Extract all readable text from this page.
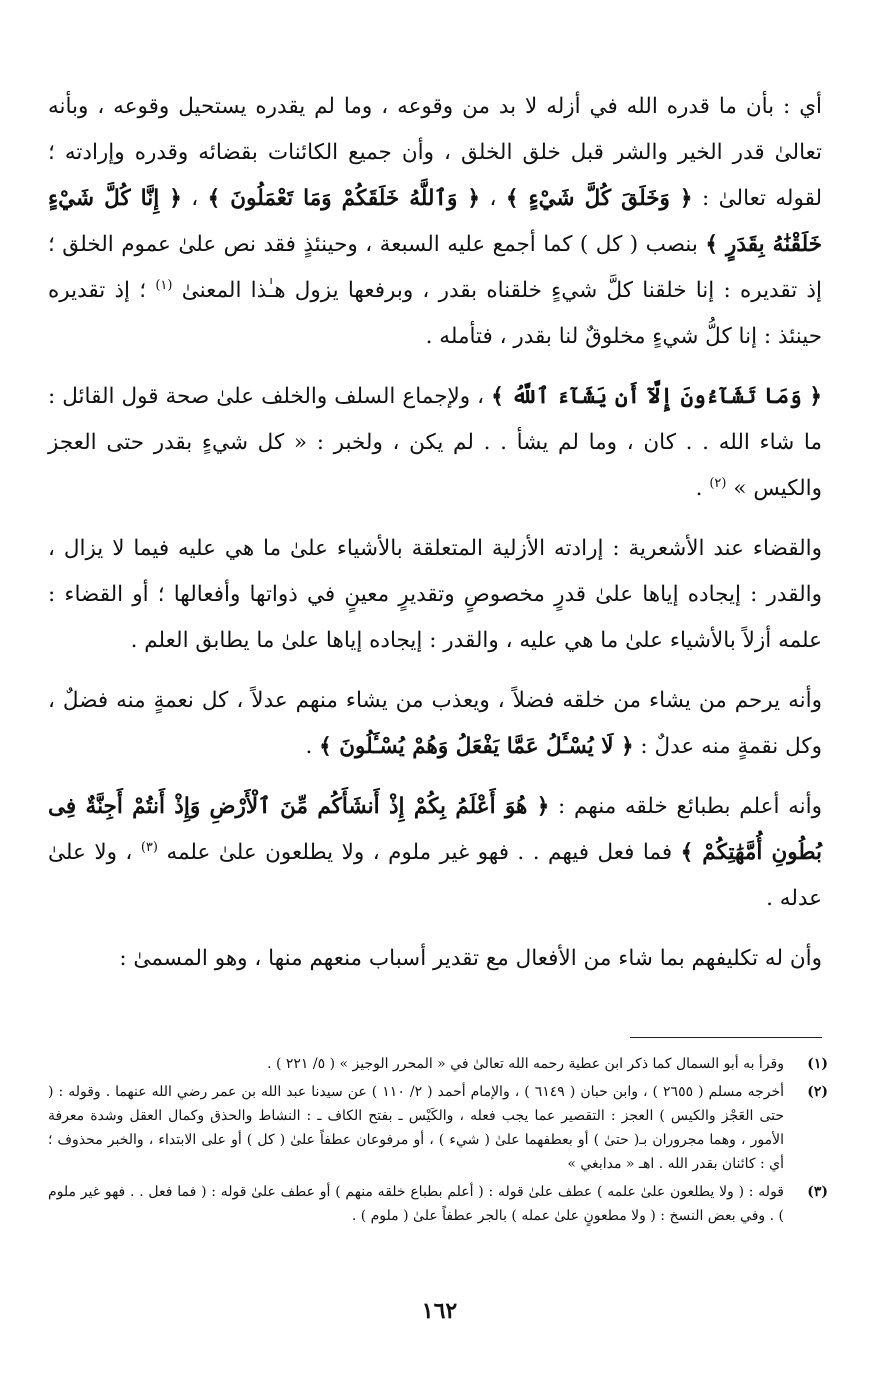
أي : بأن ما قدره الله في أزله لا بد من وقوعه ، وما لم يقدره يستحيل وقوعه ، وبأنه تعالىٰ قدر الخير والشر قبل خلق الخلق ، وأن جميع الكائنات بقضائه وقدره وإرادته ؛ لقوله تعالىٰ : ﴿ وَخَلَقَ كُلَّ شَيْءٍ ﴾ ، ﴿ وَٱللَّهُ خَلَقَكُمْ وَمَا تَعْمَلُونَ ﴾ ، ﴿ إِنَّا كُلَّ شَيْءٍ خَلَقْنَٰهُ بِقَدَرٍ ﴾ بنصب ( كل ) كما أجمع عليه السبعة ، وحينئذٍ فقد نص علىٰ عموم الخلق ؛ إذ تقديره : إنا خلقنا كلَّ شيءٍ خلقناه بقدر ، وبرفعها يزول هـٰذا المعنىٰ $^{(١)}$ ؛ إذ تقديره حينئذ : إنا كلُّ شيءٍ مخلوقٌ لنا بقدر ، فتأمله .

﴿ وَمَا تَشَآءُونَ إِلَّآ أَن يَشَآءَ ٱللَّهُ ﴾ ، ولإجماع السلف والخلف علىٰ صحة قول القائل : ما شاء الله . . كان ، وما لم يشأ . . لم يكن ، ولخبر : « كل شيءٍ بقدر حتى العجز والكيس » $^{(٢)}$ .

والقضاء عند الأشعرية : إرادته الأزلية المتعلقة بالأشياء علىٰ ما هي عليه فيما لا يزال ، والقدر : إيجاده إياها علىٰ قدرٍ مخصوصٍ وتقديرٍ معينٍ في ذواتها وأفعالها ؛ أو القضاء : علمه أزلاً بالأشياء علىٰ ما هي عليه ، والقدر : إيجاده إياها علىٰ ما يطابق العلم .

وأنه يرحم من يشاء من خلقه فضلاً ، ويعذب من يشاء منهم عدلاً ، كل نعمةٍ منه فضلٌ ، وكل نقمةٍ منه عدلٌ : ﴿ لَا يُسْـَٔلُ عَمَّا يَفْعَلُ وَهُمْ يُسْـَٔلُونَ ﴾ .

وأنه أعلم بطبائع خلقه منهم : ﴿ هُوَ أَعْلَمُ بِكُمْ إِذْ أَنشَأَكُم مِّنَ ٱلْأَرْضِ وَإِذْ أَنتُمْ أَجِنَّةٌ فِى بُطُونِ أُمَّهَٰتِكُمْ ﴾ فما فعل فيهم . . فهو غير ملوم ، ولا يطلعون علىٰ علمه $^{(٣)}$ ، ولا علىٰ عدله .

وأن له تكليفهم بما شاء من الأفعال مع تقدير أسباب منعهم منها ، وهو المسمىٰ :

(١)
وقرأ به أبو السمال كما ذكر ابن عطية رحمه الله تعالىٰ في « المحرر الوجيز » ( ٥/ ٢٢١ ) .
(٢)
أخرجه مسلم ( ٢٦٥٥ ) ، وابن حبان ( ٦١٤٩ ) ، والإمام أحمد ( ٢/ ١١٠ ) عن سيدنا عبد الله بن عمر رضي الله عنهما . وقوله : ( حتى العَجْز والكيس ) العجز : التقصير عما يجب فعله ، والكَيْس ـ بفتح الكاف ـ : النشاط والحذق وكمال العقل وشدة معرفة الأمور ، وهما مجروران بـ( حتىٰ ) أو بعطفهما علىٰ ( شيء ) ، أو مرفوعان عطفاً علىٰ ( كل ) أو على الابتداء ، والخبر محذوف ؛ أي : كائنان بقدر الله . اهـ « مدابغي »
(٣)
قوله : ( ولا يطلعون علىٰ علمه ) عطف علىٰ قوله : ( أعلم بطباع خلقه منهم ) أو عطف علىٰ قوله : ( فما فعل . . فهو غير ملوم ) . وفي بعض النسخ : ( ولا مطعونٍ علىٰ عمله ) بالجر عطفاً علىٰ ( ملوم ) .
١٦٢
